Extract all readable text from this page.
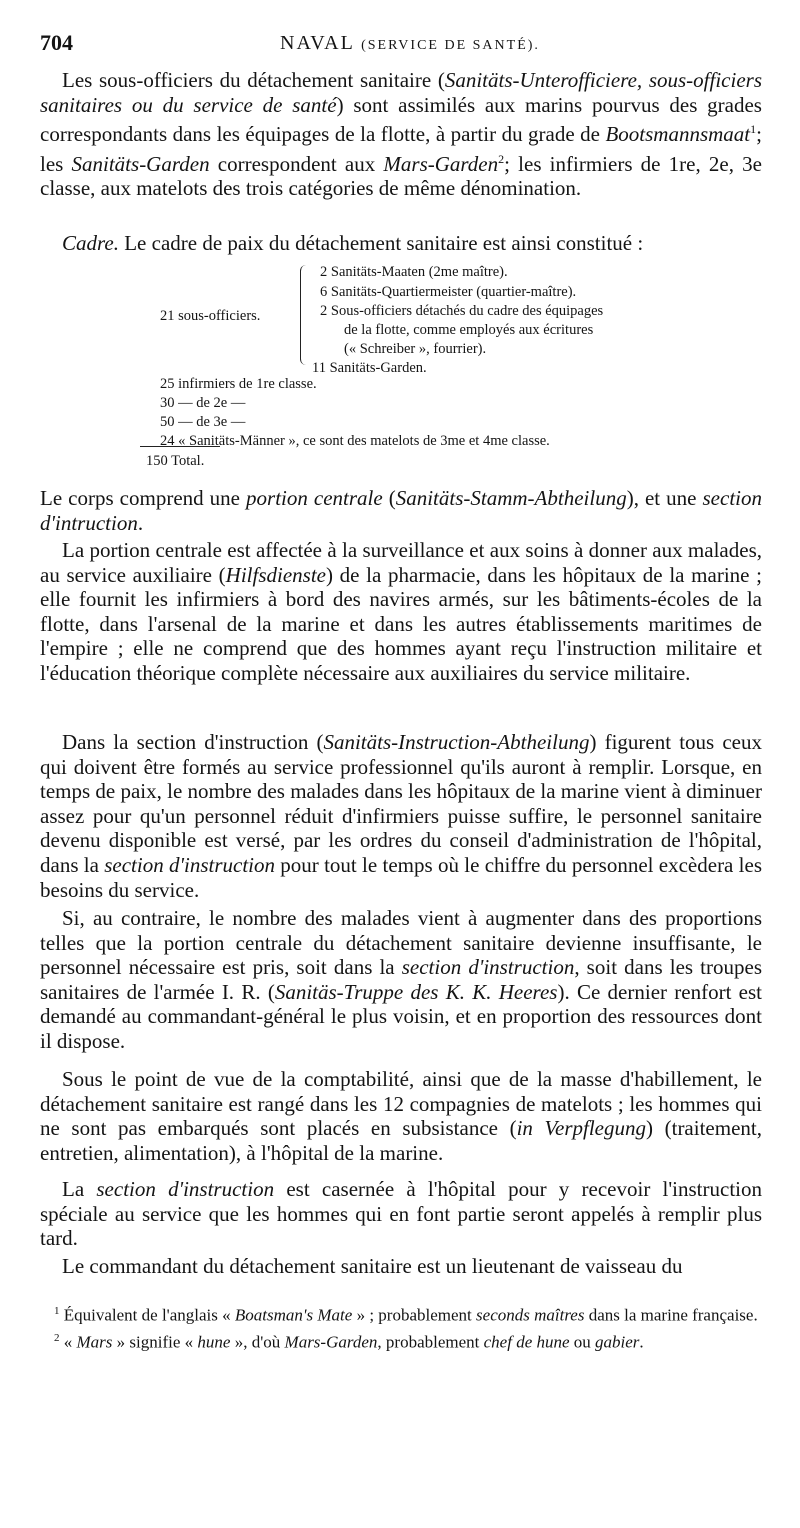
704	NAVAL (SERVICE DE SANTÉ).
Les sous-officiers du détachement sanitaire (Sanitäts-Unterofficiere, sous-officiers sanitaires ou du service de santé) sont assimilés aux marins pourvus des grades correspondants dans les équipages de la flotte, à partir du grade de Bootsmannsmaat$^1$; les Sanitäts-Garden correspondent aux Mars-Garden$^2$; les infirmiers de 1re, 2e, 3e classe, aux matelots des trois catégories de même dénomination.
Cadre. Le cadre de paix du détachement sanitaire est ainsi constitué :
21 sous-officiers.
2 Sanitäts-Maaten (2me maître).
6 Sanitäts-Quartiermeister (quartier-maître).
2 Sous-officiers détachés du cadre des équipages
de la flotte, comme employés aux écritures
(« Schreiber », fourrier).
11 Sanitäts-Garden.
25 infirmiers de 1re classe.
30 — de 2e —
50 — de 3e —
24 « Sanitäts-Männer », ce sont des matelots de 3me et 4me classe.
150 Total.
Le corps comprend une portion centrale (Sanitäts-Stamm-Abtheilung), et une section d'intruction.
La portion centrale est affectée à la surveillance et aux soins à donner aux malades, au service auxiliaire (Hilfsdienste) de la pharmacie, dans les hôpitaux de la marine ; elle fournit les infirmiers à bord des navires armés, sur les bâtiments-écoles de la flotte, dans l'arsenal de la marine et dans les autres établissements maritimes de l'empire ; elle ne comprend que des hommes ayant reçu l'instruction militaire et l'éducation théorique complète nécessaire aux auxiliaires du service militaire.
Dans la section d'instruction (Sanitäts-Instruction-Abtheilung) figurent tous ceux qui doivent être formés au service professionnel qu'ils auront à remplir. Lorsque, en temps de paix, le nombre des malades dans les hôpitaux de la marine vient à diminuer assez pour qu'un personnel réduit d'infirmiers puisse suffire, le personnel sanitaire devenu disponible est versé, par les ordres du conseil d'administration de l'hôpital, dans la section d'instruction pour tout le temps où le chiffre du personnel excèdera les besoins du service.
Si, au contraire, le nombre des malades vient à augmenter dans des proportions telles que la portion centrale du détachement sanitaire devienne insuffisante, le personnel nécessaire est pris, soit dans la section d'instruction, soit dans les troupes sanitaires de l'armée I. R. (Sanitäs-Truppe des K. K. Heeres). Ce dernier renfort est demandé au commandant-général le plus voisin, et en proportion des ressources dont il dispose.
Sous le point de vue de la comptabilité, ainsi que de la masse d'habillement, le détachement sanitaire est rangé dans les 12 compagnies de matelots ; les hommes qui ne sont pas embarqués sont placés en subsistance (in Verpflegung) (traitement, entretien, alimentation), à l'hôpital de la marine.
La section d'instruction est casernée à l'hôpital pour y recevoir l'instruction spéciale au service que les hommes qui en font partie seront appelés à remplir plus tard.
Le commandant du détachement sanitaire est un lieutenant de vaisseau du
$^1$ Équivalent de l'anglais « Boatsman's Mate » ; probablement seconds maîtres dans la marine française.
$^2$ « Mars » signifie « hune », d'où Mars-Garden, probablement chef de hune ou gabier.
